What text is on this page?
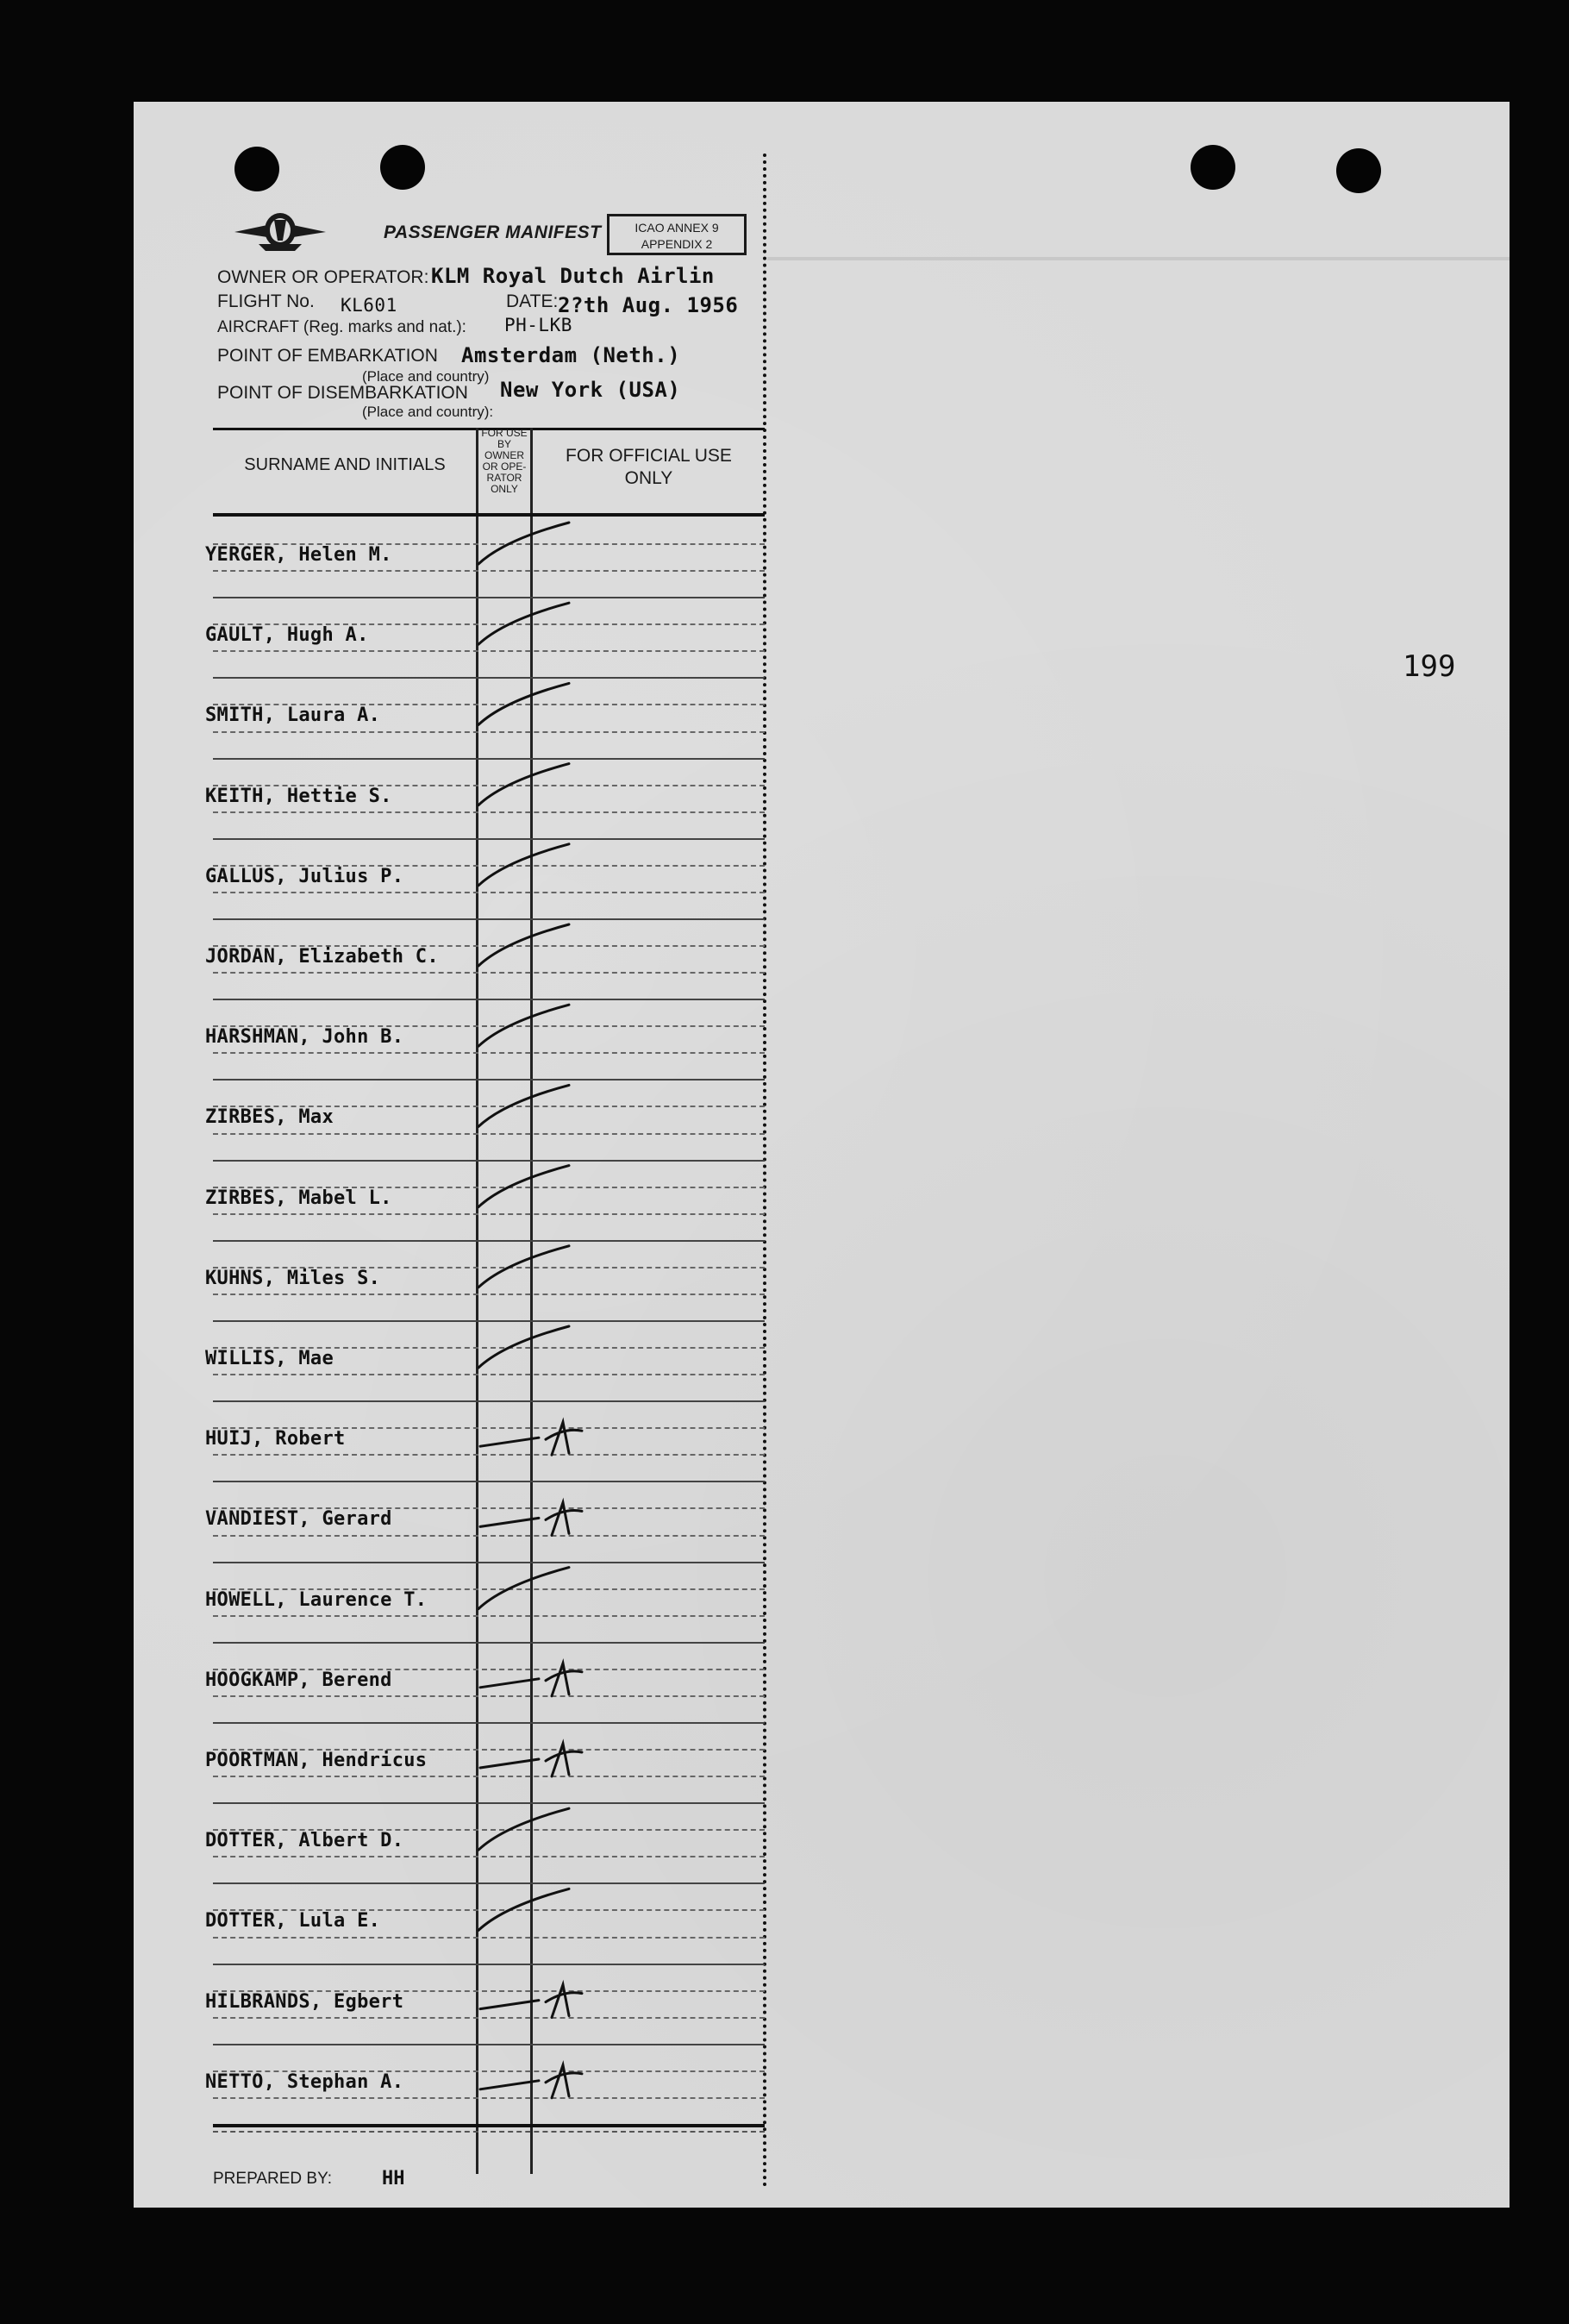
PASSENGER MANIFEST	ICAO ANNEX 9
APPENDIX 2
OWNER OR OPERATOR: KLM Royal Dutch Airlin
FLIGHT No. KL601	DATE: 2?th Aug. 1956
AIRCRAFT (Reg. marks and nat.): PH-LKB
POINT OF EMBARKATION Amsterdam (Neth.)
(Place and country)
POINT OF DISEMBARKATION New York (USA)
(Place and country):
SURNAME AND INITIALS
FOR USE BY OWNER OR OPE- RATOR ONLY
FOR OFFICIAL USE
ONLY
YERGER, Helen M.
GAULT, Hugh A.
SMITH, Laura A.
KEITH, Hettie S.
GALLUS, Julius P.
JORDAN, Elizabeth C.
HARSHMAN, John B.
ZIRBES, Max
ZIRBES, Mabel L.
KUHNS, Miles S.
WILLIS, Mae
HUIJ, Robert
VANDIEST, Gerard
HOWELL, Laurence T.
HOOGKAMP, Berend
POORTMAN, Hendricus
DOTTER, Albert D.
DOTTER, Lula E.
HILBRANDS, Egbert
NETTO, Stephan A.
PREPARED BY:	HH
199
